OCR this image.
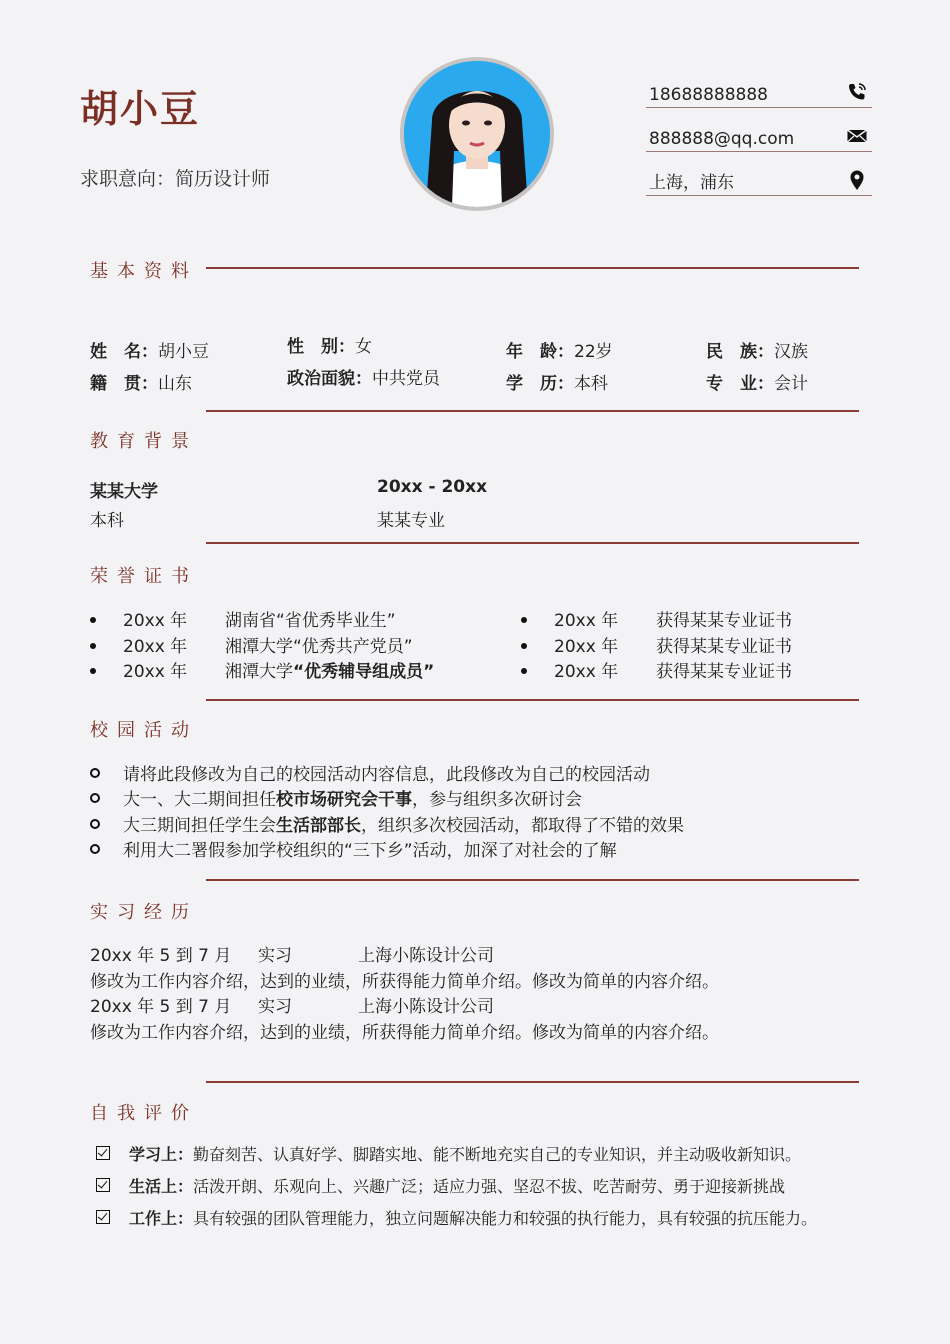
胡小豆
求职意向：简历设计师
18688888888
888888@qq.com
上海，浦东
基本资料
姓　名：胡小豆	性　别：女	年　龄：22岁	民　族：汉族
籍　贯：山东	政治面貌：中共党员	学　历：本科	专　业：会计
教育背景
某某大学	20xx - 20xx
本科	某某专业
荣誉证书
20xx 年 湖南省“省优秀毕业生”
20xx 年 湘潭大学“优秀共产党员”
20xx 年 湘潭大学“优秀辅导组成员”
20xx 年 获得某某专业证书
20xx 年 获得某某专业证书
20xx 年 获得某某专业证书
校园活动
请将此段修改为自己的校园活动内容信息，此段修改为自己的校园活动
大一、大二期间担任校市场研究会干事，参与组织多次研讨会
大三期间担任学生会生活部部长，组织多次校园活动，都取得了不错的效果
利用大二署假参加学校组织的“三下乡”活动，加深了对社会的了解
实习经历
20xx 年 5 到 7 月 实习	上海小陈设计公司
修改为工作内容介绍，达到的业绩，所获得能力简单介绍。修改为简单的内容介绍。
20xx 年 5 到 7 月 实习	上海小陈设计公司
修改为工作内容介绍，达到的业绩，所获得能力简单介绍。修改为简单的内容介绍。
自我评价
学习上：勤奋刻苦、认真好学、脚踏实地、能不断地充实自己的专业知识，并主动吸收新知识。
生活上：活泼开朗、乐观向上、兴趣广泛；适应力强、坚忍不拔、吃苦耐劳、勇于迎接新挑战
工作上：具有较强的团队管理能力，独立问题解决能力和较强的执行能力，具有较强的抗压能力。
